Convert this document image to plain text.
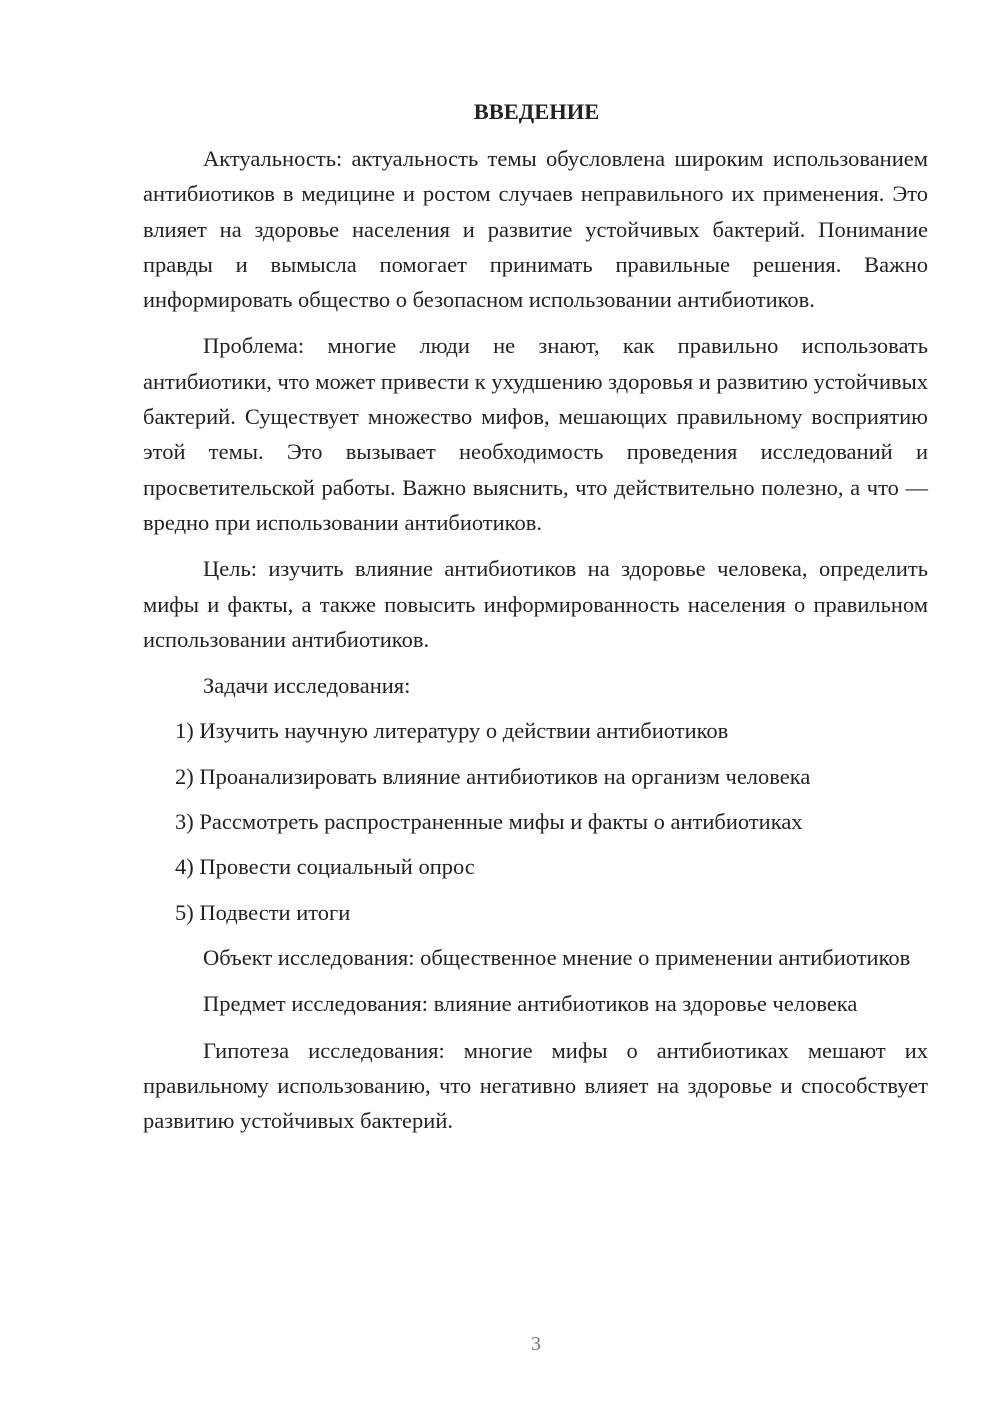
ВВЕДЕНИЕ

Актуальность: актуальность темы обусловлена широким использованием антибиотиков в медицине и ростом случаев неправильного их применения. Это влияет на здоровье населения и развитие устойчивых бактерий. Понимание правды и вымысла помогает принимать правильные решения. Важно информировать общество о безопасном использовании антибиотиков.

Проблема: многие люди не знают, как правильно использовать антибиотики, что может привести к ухудшению здоровья и развитию устойчивых бактерий. Существует множество мифов, мешающих правильному восприятию этой темы. Это вызывает необходимость проведения исследований и просветительской работы. Важно выяснить, что действительно полезно, а что — вредно при использовании антибиотиков.

Цель: изучить влияние антибиотиков на здоровье человека, определить мифы и факты, а также повысить информированность населения о правильном использовании антибиотиков.

Задачи исследования:
1) Изучить научную литературу о действии антибиотиков
2) Проанализировать влияние антибиотиков на организм человека
3) Рассмотреть распространенные мифы и факты о антибиотиках
4) Провести социальный опрос
5) Подвести итоги

Объект исследования: общественное мнение о применении антибиотиков

Предмет исследования: влияние антибиотиков на здоровье человека

Гипотеза исследования: многие мифы о антибиотиках мешают их правильному использованию, что негативно влияет на здоровье и способствует развитию устойчивых бактерий.

3
